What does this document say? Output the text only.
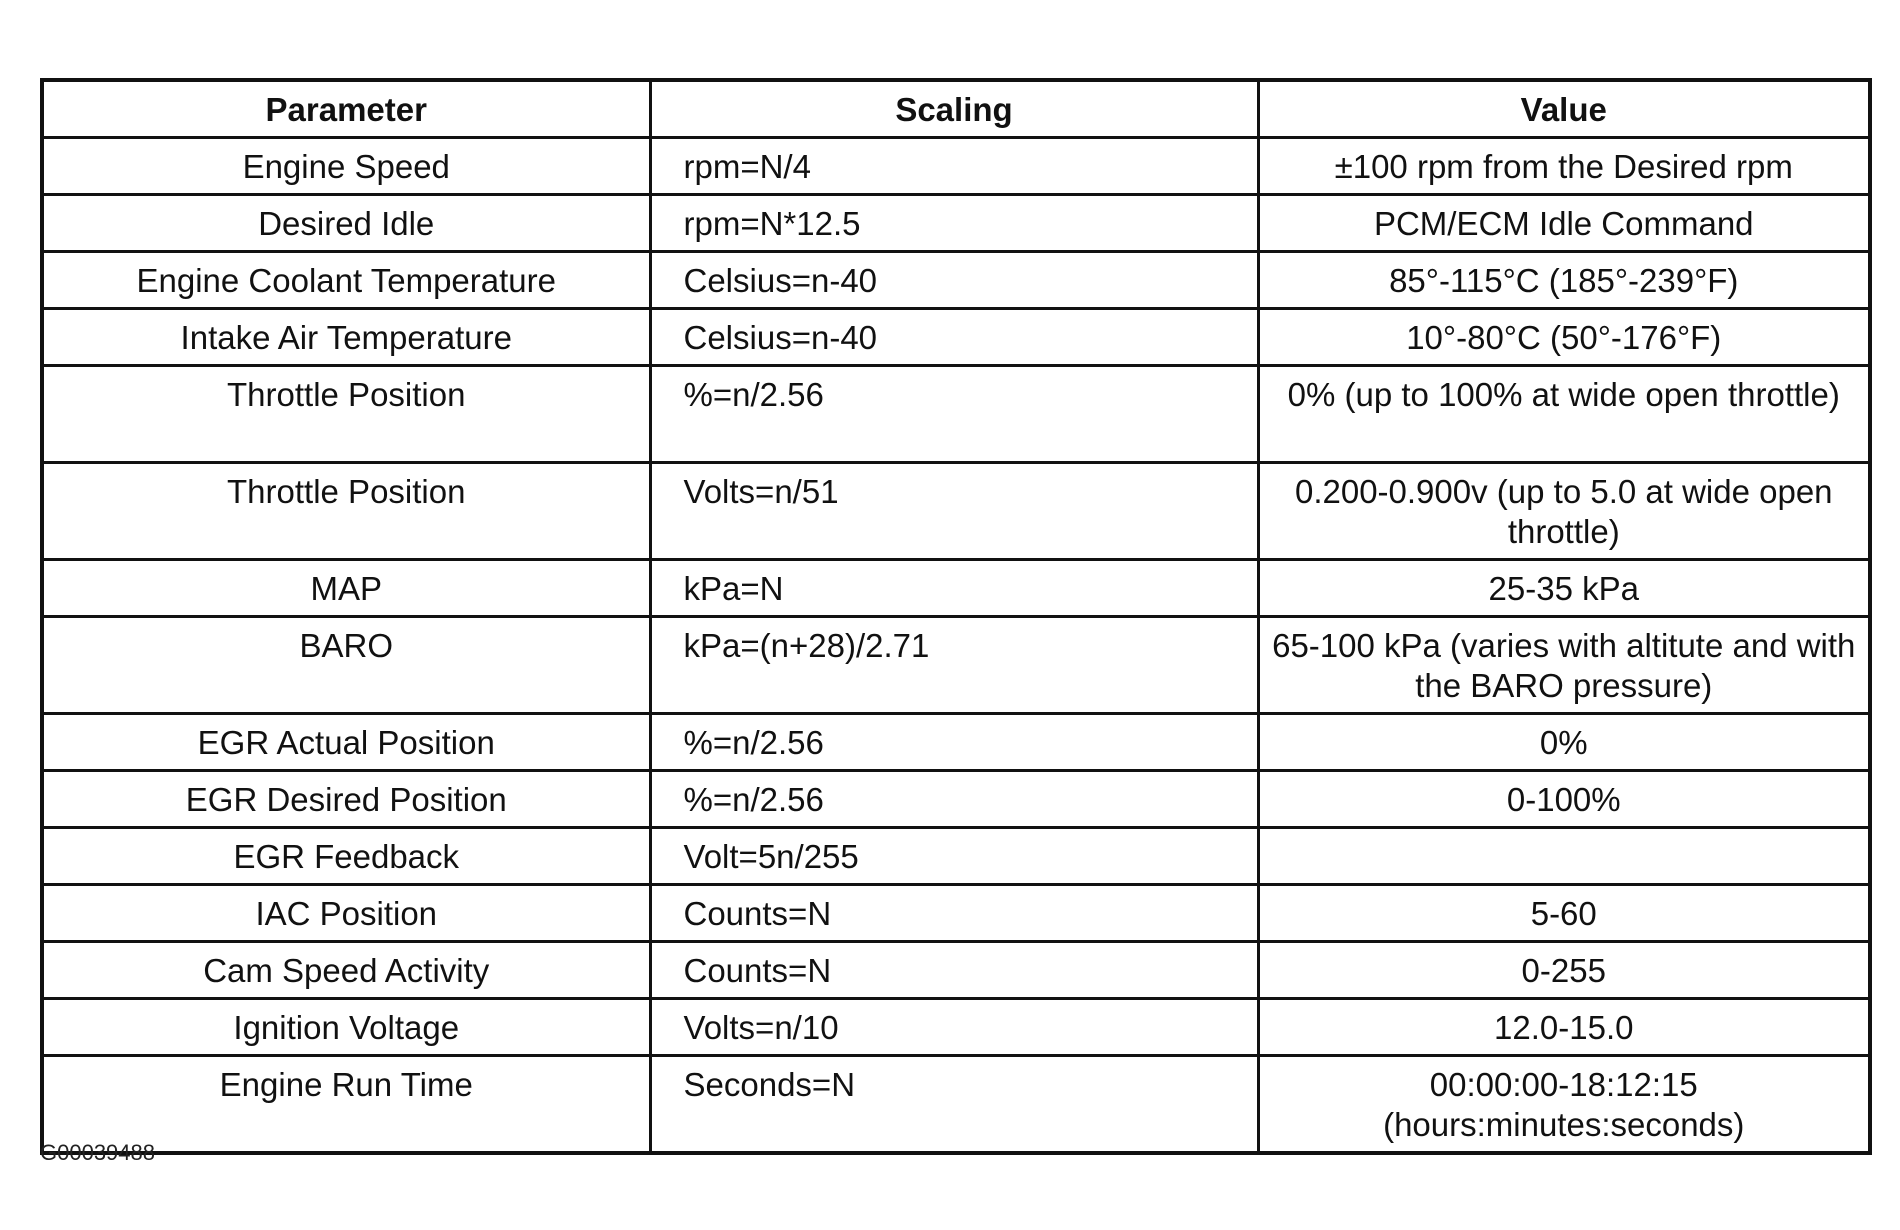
Parameter	Scaling	Value
Engine Speed	rpm=N/4	±100 rpm from the Desired rpm
Desired Idle	rpm=N*12.5	PCM/ECM Idle Command
Engine Coolant Temperature	Celsius=n-40	85°-115°C (185°-239°F)
Intake Air Temperature	Celsius=n-40	10°-80°C (50°-176°F)
Throttle Position	%=n/2.56	0% (up to 100% at wide open throttle)
Throttle Position	Volts=n/51	0.200-0.900v (up to 5.0 at wide open throttle)
MAP	kPa=N	25-35 kPa
BARO	kPa=(n+28)/2.71	65-100 kPa (varies with altitute and with the BARO pressure)
EGR Actual Position	%=n/2.56	0%
EGR Desired Position	%=n/2.56	0-100%
EGR Feedback	Volt=5n/255	
IAC Position	Counts=N	5-60
Cam Speed Activity	Counts=N	0-255
Ignition Voltage	Volts=n/10	12.0-15.0
Engine Run Time	Seconds=N	00:00:00-18:12:15 (hours:minutes:seconds)
G00039488
